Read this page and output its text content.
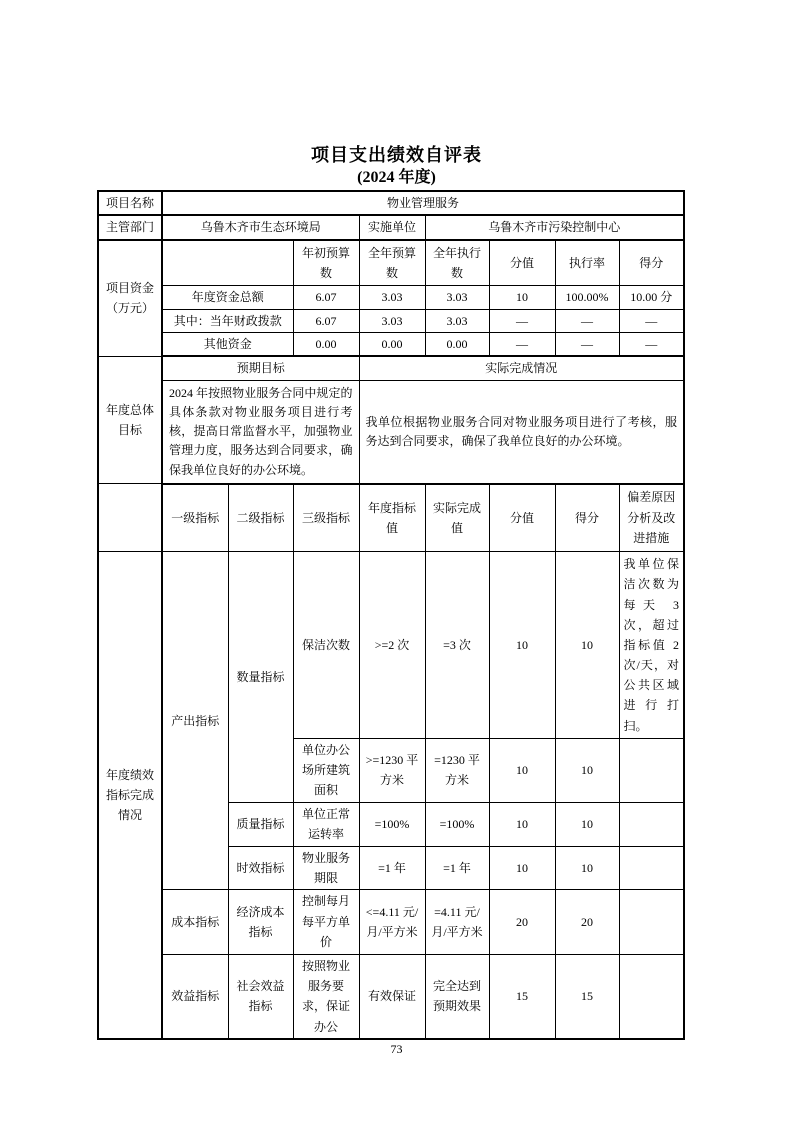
项目支出绩效自评表
(2024 年度)
项目名称	物业管理服务							
主管部门	乌鲁木齐市生态环境局			实施单位	乌鲁木齐市污染控制中心			
项目资金（万元）			年初预算数	全年预算数	全年执行数	分值	执行率	得分
	年度资金总额		6.07	3.03	3.03	10	100.00%	10.00 分
	其中：当年财政拨款		6.07	3.03	3.03	—	—	—
	其他资金		0.00	0.00	0.00	—	—	—
年度总体目标	预期目标			实际完成情况				
	2024 年按照物业服务合同中规定的具体条款对物业服务项目进行考核，提高日常监督水平，加强物业管理力度，服务达到合同要求，确保我单位良好的办公环境。			我单位根据物业服务合同对物业服务项目进行了考核，服务达到合同要求，确保了我单位良好的办公环境。				
	一级指标	二级指标	三级指标	年度指标值	实际完成值	分值	得分	偏差原因分析及改进措施
年度绩效指标完成情况	产出指标	数量指标	保洁次数	>=2 次	=3 次	10	10	我单位保洁次数为每天 3 次，超过指标值 2 次/天，对公共区域进行打扫。
			单位办公场所建筑面积	>=1230 平方米	=1230 平方米	10	10	
		质量指标	单位正常运转率	=100%	=100%	10	10	
		时效指标	物业服务期限	=1 年	=1 年	10	10	
	成本指标	经济成本指标	控制每月每平方单价	<=4.11 元/月/平方米	=4.11 元/月/平方米	20	20	
	效益指标	社会效益指标	按照物业服务要求，保证办公	有效保证	完全达到预期效果	15	15	
73
